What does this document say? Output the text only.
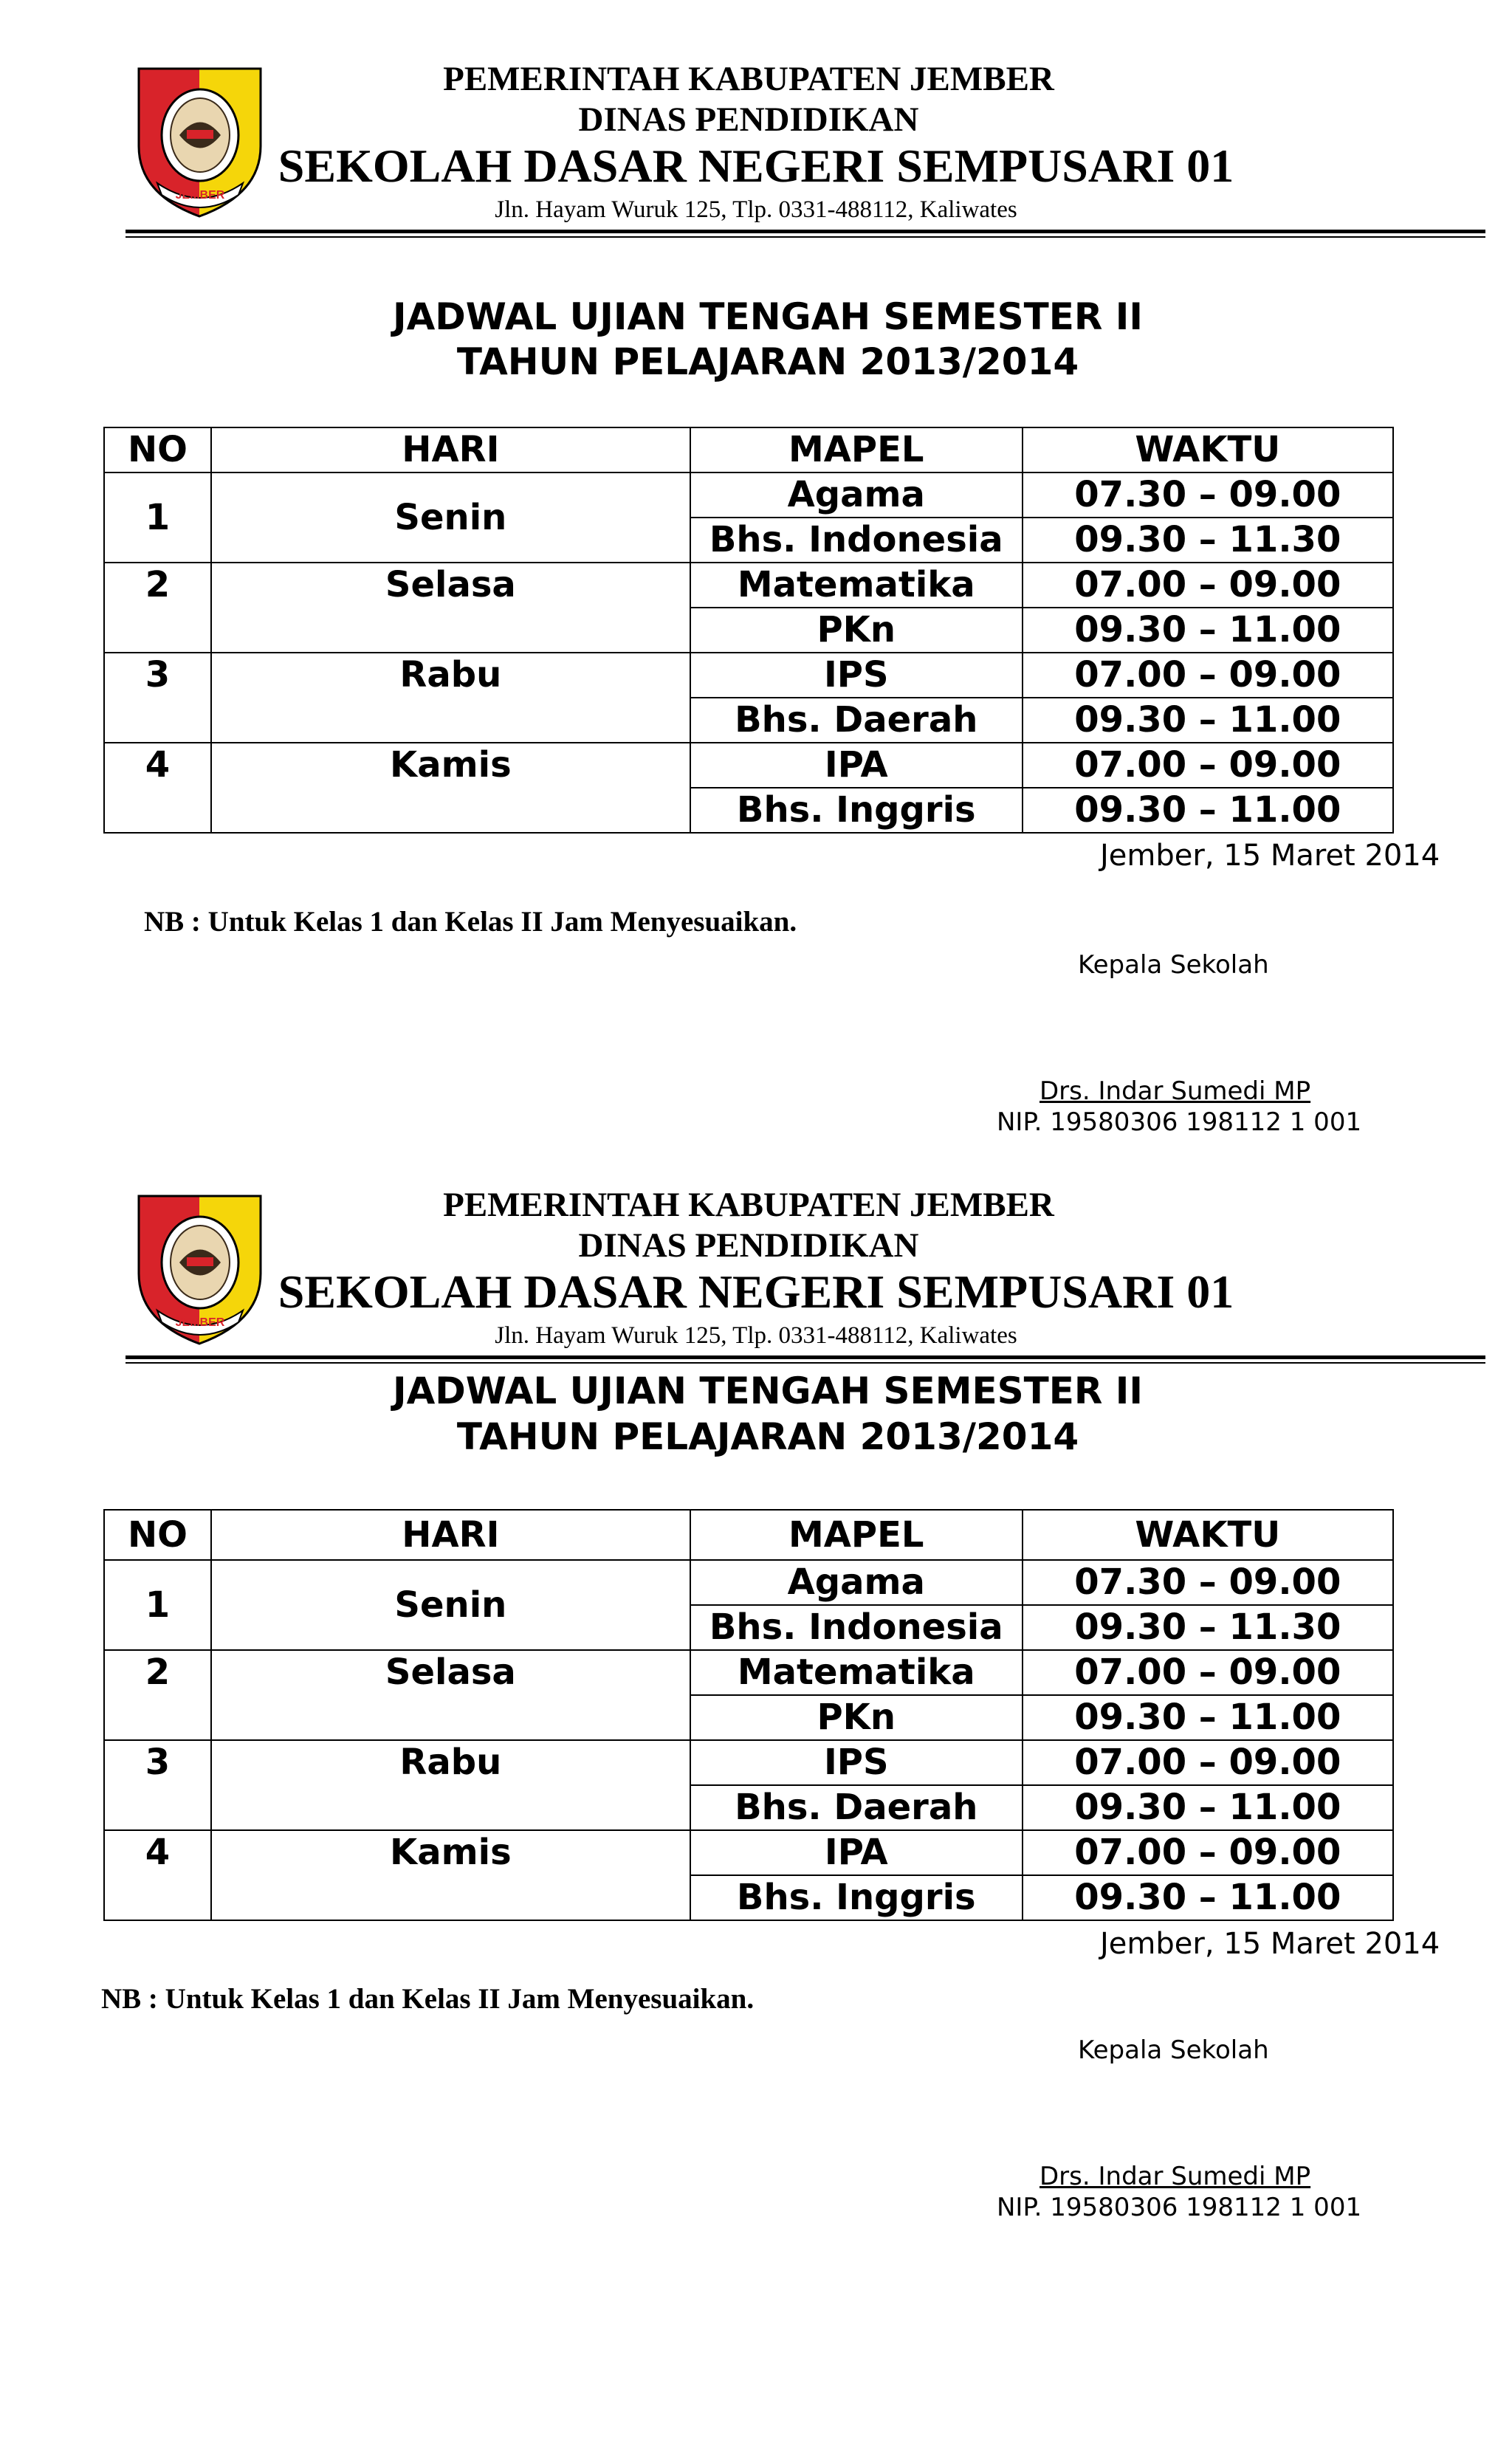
JEMBER
PEMERINTAH KABUPATEN JEMBER
DINAS PENDIDIKAN
SEKOLAH DASAR NEGERI SEMPUSARI 01
Jln. Hayam Wuruk 125, Tlp. 0331-488112, Kaliwates
JADWAL UJIAN TENGAH SEMESTER II
TAHUN PELAJARAN 2013/2014
NO	HARI	MAPEL	WAKTU
1	Senin	Agama	07.30 – 09.00
		Bhs. Indonesia	09.30 – 11.30
2	Selasa	Matematika	07.00 – 09.00
		PKn	09.30 – 11.00
3	Rabu	IPS	07.00 – 09.00
		Bhs. Daerah	09.30 – 11.00
4	Kamis	IPA	07.00 – 09.00
		Bhs. Inggris	09.30 – 11.00
Jember, 15 Maret 2014
NB : Untuk Kelas 1 dan Kelas II Jam Menyesuaikan.
Kepala Sekolah
Drs. Indar Sumedi MP
NIP. 19580306 198112 1 001
JEMBER
PEMERINTAH KABUPATEN JEMBER
DINAS PENDIDIKAN
SEKOLAH DASAR NEGERI SEMPUSARI 01
Jln. Hayam Wuruk 125, Tlp. 0331-488112, Kaliwates
JADWAL UJIAN TENGAH SEMESTER II
TAHUN PELAJARAN 2013/2014
NO	HARI	MAPEL	WAKTU
1	Senin	Agama	07.30 – 09.00
		Bhs. Indonesia	09.30 – 11.30
2	Selasa	Matematika	07.00 – 09.00
		PKn	09.30 – 11.00
3	Rabu	IPS	07.00 – 09.00
		Bhs. Daerah	09.30 – 11.00
4	Kamis	IPA	07.00 – 09.00
		Bhs. Inggris	09.30 – 11.00
Jember, 15 Maret 2014
NB : Untuk Kelas 1 dan Kelas II Jam Menyesuaikan.
Kepala Sekolah
Drs. Indar Sumedi MP
NIP. 19580306 198112 1 001
